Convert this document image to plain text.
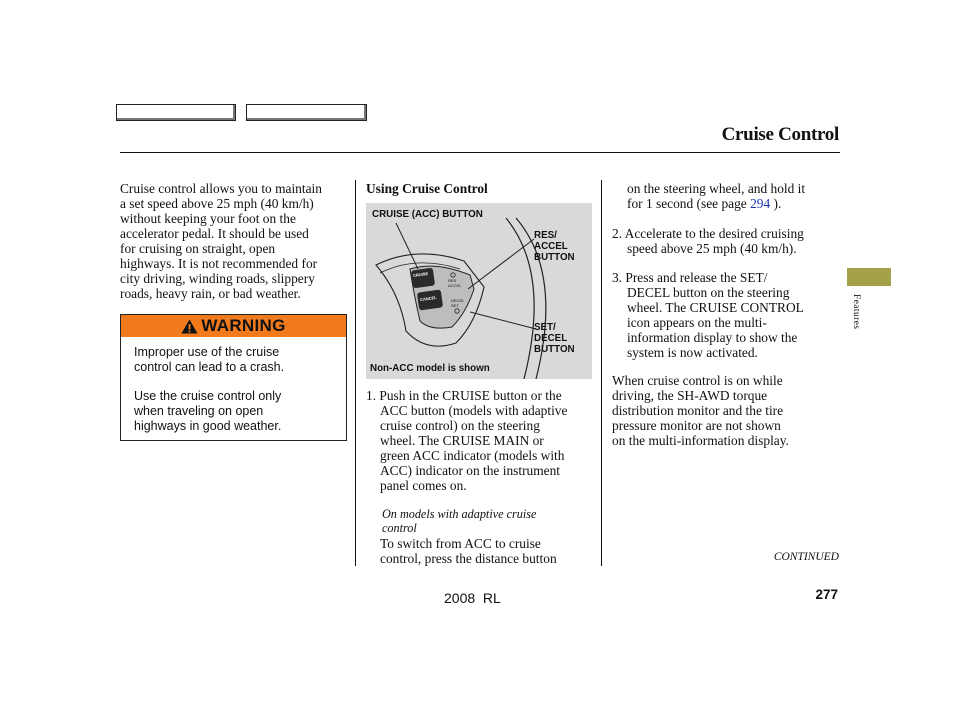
Cruise Control
Cruise control allows you to maintain
a set speed above 25 mph (40 km/h)
without keeping your foot on the
accelerator pedal. It should be used
for cruising on straight, open
highways. It is not recommended for
city driving, winding roads, slippery
roads, heavy rain, or bad weather.
WARNING
Improper use of the cruise
control can lead to a crash.
Use the cruise control only
when traveling on open
highways in good weather.
Using Cruise Control
CRUISE (ACC) BUTTON
RES/
ACCEL
BUTTON
SET/
DECEL
BUTTON
Non-ACC model is shown
CRUISE
CANCEL
RES
ACCEL
DECEL
SET
1. Push in the CRUISE button or the
ACC button (models with adaptive
cruise control) on the steering
wheel. The CRUISE MAIN or
green ACC indicator (models with
ACC) indicator on the instrument
panel comes on.
On models with adaptive cruise
control
To switch from ACC to cruise
control, press the distance button
on the steering wheel, and hold it
for 1 second (see page 294 ).
2. Accelerate to the desired cruising
speed above 25 mph (40 km/h).
3. Press and release the SET/
DECEL button on the steering
wheel. The CRUISE CONTROL
icon appears on the multi-
information display to show the
system is now activated.
When cruise control is on while
driving, the SH-AWD torque
distribution monitor and the tire
pressure monitor are not shown
on the multi-information display.
CONTINUED
Features
2008  RL	277
